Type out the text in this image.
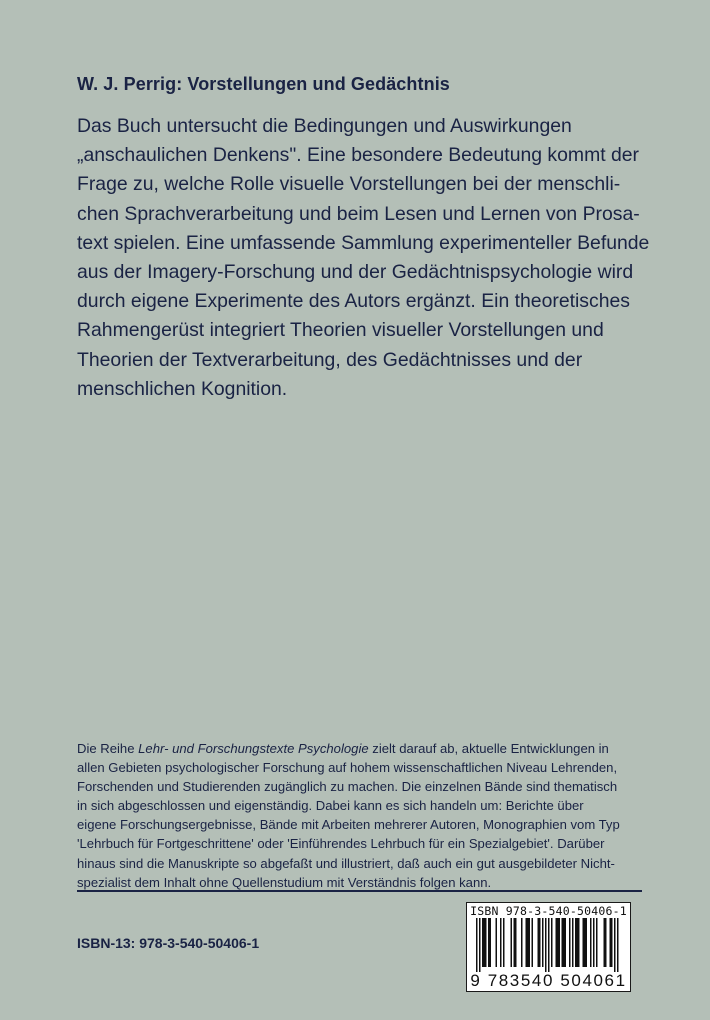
W. J. Perrig: Vorstellungen und Gedächtnis
Das Buch untersucht die Bedingungen und Auswirkungen
„anschaulichen Denkens". Eine besondere Bedeutung kommt der
Frage zu, welche Rolle visuelle Vorstellungen bei der menschli-
chen Sprachverarbeitung und beim Lesen und Lernen von Prosa-
text spielen. Eine umfassende Sammlung experimenteller Befunde
aus der Imagery-Forschung und der Gedächtnispsychologie wird
durch eigene Experimente des Autors ergänzt. Ein theoretisches
Rahmengerüst integriert Theorien visueller Vorstellungen und
Theorien der Textverarbeitung, des Gedächtnisses und der
menschlichen Kognition.
Die Reihe Lehr- und Forschungstexte Psychologie zielt darauf ab, aktuelle Entwicklungen in
allen Gebieten psychologischer Forschung auf hohem wissenschaftlichen Niveau Lehrenden,
Forschenden und Studierenden zugänglich zu machen. Die einzelnen Bände sind thematisch
in sich abgeschlossen und eigenständig. Dabei kann es sich handeln um: Berichte über
eigene Forschungsergebnisse, Bände mit Arbeiten mehrerer Autoren, Monographien vom Typ
'Lehrbuch für Fortgeschrittene' oder 'Einführendes Lehrbuch für ein Spezialgebiet'. Darüber
hinaus sind die Manuskripte so abgefaßt und illustriert, daß auch ein gut ausgebildeter Nicht-
spezialist dem Inhalt ohne Quellenstudium mit Verständnis folgen kann.
ISBN-13: 978-3-540-50406-1
ISBN 978-3-540-50406-1
9 783540 504061
